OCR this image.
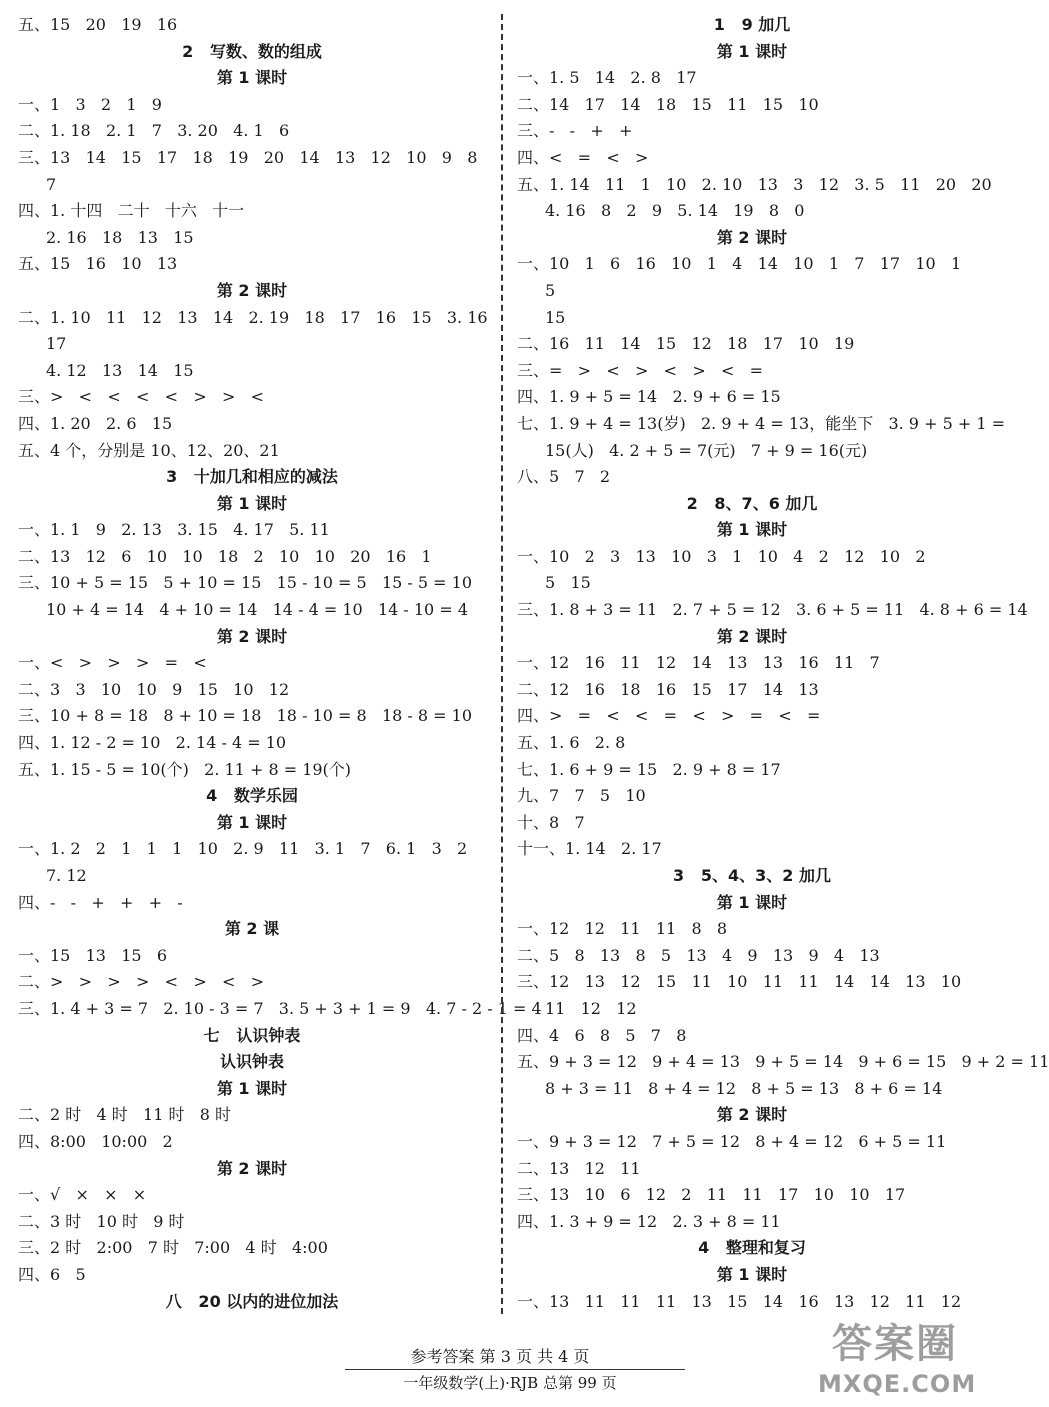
五、15   20   19   16
2   写数、数的组成
第 1 课时
一、1   3   2   1   9
二、1. 18   2. 1   7   3. 20   4. 1   6
三、13   14   15   17   18   19   20   14   13   12   10   9   8
7
四、1. 十四   二十   十六   十一
2. 16   18   13   15
五、15   16   10   13
第 2 课时
二、1. 10   11   12   13   14   2. 19   18   17   16   15   3. 16
17
4. 12   13   14   15
三、>   <   <   <   <   >   >   <
四、1. 20   2. 6   15
五、4 个，分别是 10、12、20、21
3   十加几和相应的减法
第 1 课时
一、1. 1   9   2. 13   3. 15   4. 17   5. 11
二、13   12   6   10   10   18   2   10   10   20   16   1
三、10 + 5 = 15   5 + 10 = 15   15 - 10 = 5   15 - 5 = 10
10 + 4 = 14   4 + 10 = 14   14 - 4 = 10   14 - 10 = 4
第 2 课时
一、<   >   >   >   =   <
二、3   3   10   10   9   15   10   12
三、10 + 8 = 18   8 + 10 = 18   18 - 10 = 8   18 - 8 = 10
四、1. 12 - 2 = 10   2. 14 - 4 = 10
五、1. 15 - 5 = 10(个)   2. 11 + 8 = 19(个)
4   数学乐园
第 1 课时
一、1. 2   2   1   1   1   10   2. 9   11   3. 1   7   6. 1   3   2
7. 12
四、-   -   +   +   +   -
第 2 课
一、15   13   15   6
二、>   >   >   >   <   >   <   >
三、1. 4 + 3 = 7   2. 10 - 3 = 7   3. 5 + 3 + 1 = 9   4. 7 - 2 - 1 = 4
七   认识钟表
认识钟表
第 1 课时
二、2 时   4 时   11 时   8 时
四、8:00   10:00   2
第 2 课时
一、√   ×   ×   ×
二、3 时   10 时   9 时
三、2 时   2:00   7 时   7:00   4 时   4:00
四、6   5
八   20 以内的进位加法
1   9 加几
第 1 课时
一、1. 5   14   2. 8   17
二、14   17   14   18   15   11   15   10
三、-   -   +   +
四、<   =   <   >
五、1. 14   11   1   10   2. 10   13   3   12   3. 5   11   20   20
4. 16   8   2   9   5. 14   19   8   0
第 2 课时
一、10   1   6   16   10   1   4   14   10   1   7   17   10   1
5
15
二、16   11   14   15   12   18   17   10   19
三、=   >   <   >   <   >   <   =
四、1. 9 + 5 = 14   2. 9 + 6 = 15
七、1. 9 + 4 = 13(岁)   2. 9 + 4 = 13，能坐下   3. 9 + 5 + 1 =
15(人)   4. 2 + 5 = 7(元)   7 + 9 = 16(元)
八、5   7   2
2   8、7、6 加几
第 1 课时
一、10   2   3   13   10   3   1   10   4   2   12   10   2
5   15
三、1. 8 + 3 = 11   2. 7 + 5 = 12   3. 6 + 5 = 11   4. 8 + 6 = 14
第 2 课时
一、12   16   11   12   14   13   13   16   11   7
二、12   16   18   16   15   17   14   13
四、>   =   <   <   =   <   >   =   <   =
五、1. 6   2. 8
七、1. 6 + 9 = 15   2. 9 + 8 = 17
九、7   7   5   10
十、8   7
十一、1. 14   2. 17
3   5、4、3、2 加几
第 1 课时
一、12   12   11   11   8   8
二、5   8   13   8   5   13   4   9   13   9   4   13
三、12   13   12   15   11   10   11   11   14   14   13   10
11   12   12
四、4   6   8   5   7   8
五、9 + 3 = 12   9 + 4 = 13   9 + 5 = 14   9 + 6 = 15   9 + 2 = 11
8 + 3 = 11   8 + 4 = 12   8 + 5 = 13   8 + 6 = 14
第 2 课时
一、9 + 3 = 12   7 + 5 = 12   8 + 4 = 12   6 + 5 = 11
二、13   12   11
三、13   10   6   12   2   11   11   17   10   10   17
四、1. 3 + 9 = 12   2. 3 + 8 = 11
4   整理和复习
第 1 课时
一、13   11   11   11   13   15   14   16   13   12   11   12
参考答案 第 3 页 共 4 页
一年级数学(上)·RJB 总第 99 页
答案圈
MXQE.COM
